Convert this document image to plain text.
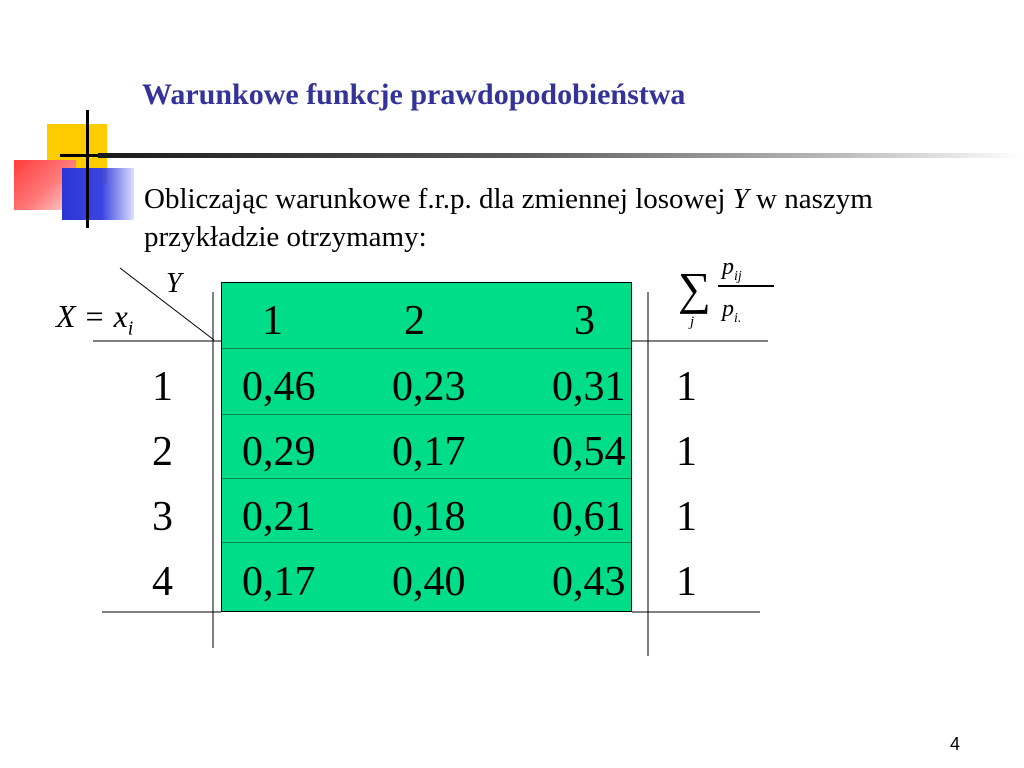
Warunkowe funkcje prawdopodobieństwa
Obliczając warunkowe f.r.p. dla zmiennej losowej Y w naszym przykładzie otrzymamy:
$X = x_i$
Y
1	2	3
∑
j
$p_{ij}$
$p_{i.}$
1 0,46 0,23 0,31 1
2 0,29 0,17 0,54 1
3 0,21 0,18 0,61 1
4 0,17 0,40 0,43 1
4
